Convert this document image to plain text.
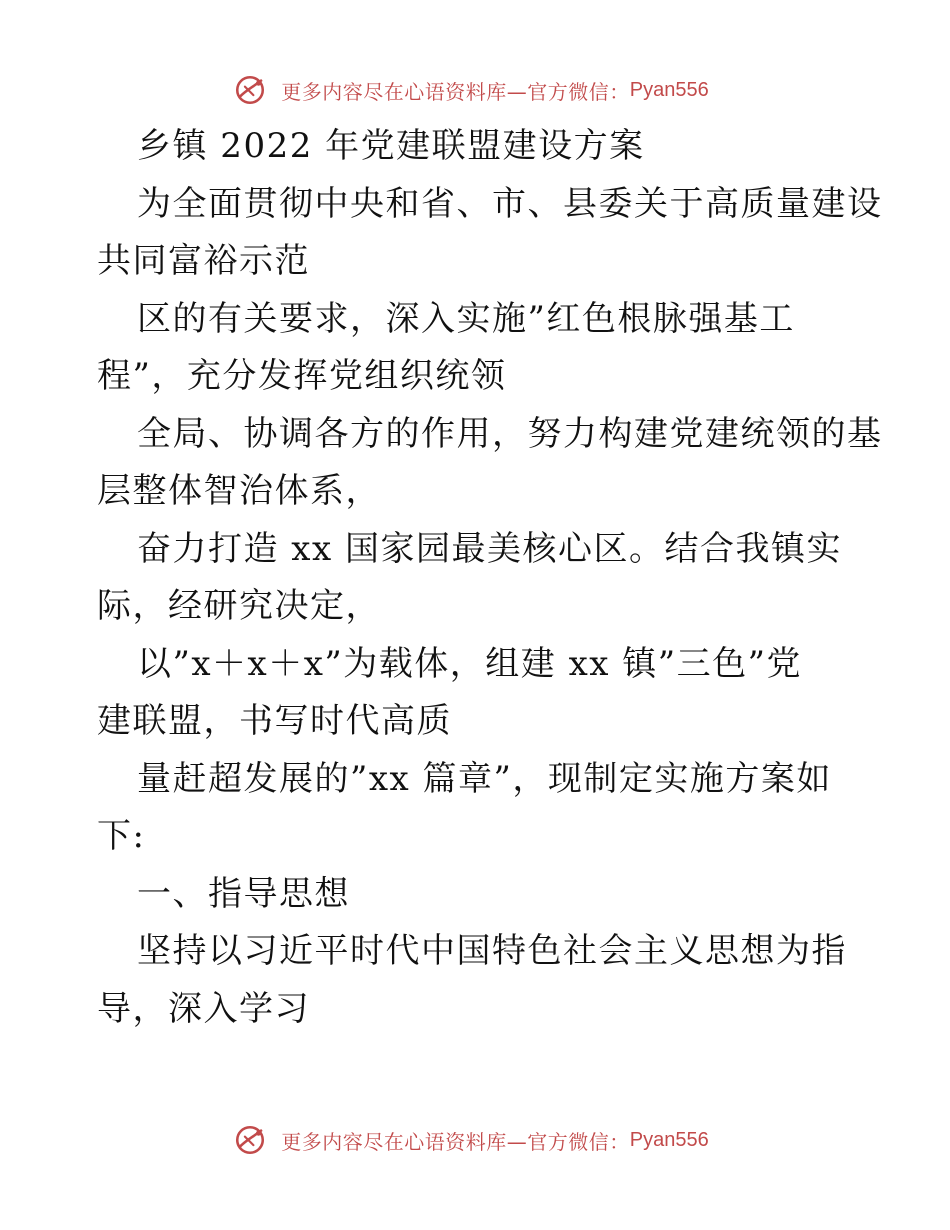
更多内容尽在心语资料库—官方微信： Pyan556
乡镇 2022 年党建联盟建设方案
为全面贯彻中央和省、市、县委关于高质量建设
共同富裕示范
区的有关要求，深入实施”红色根脉强基工
程”，充分发挥党组织统领
全局、协调各方的作用，努力构建党建统领的基
层整体智治体系，
奋力打造 xx 国家园最美核心区。结合我镇实
际，经研究决定，
以”x＋x＋x”为载体，组建 xx 镇”三色”党
建联盟，书写时代高质
量赶超发展的”xx 篇章”，现制定实施方案如
下:
一、指导思想
坚持以习近平时代中国特色社会主义思想为指
导，深入学习
更多内容尽在心语资料库—官方微信： Pyan556
